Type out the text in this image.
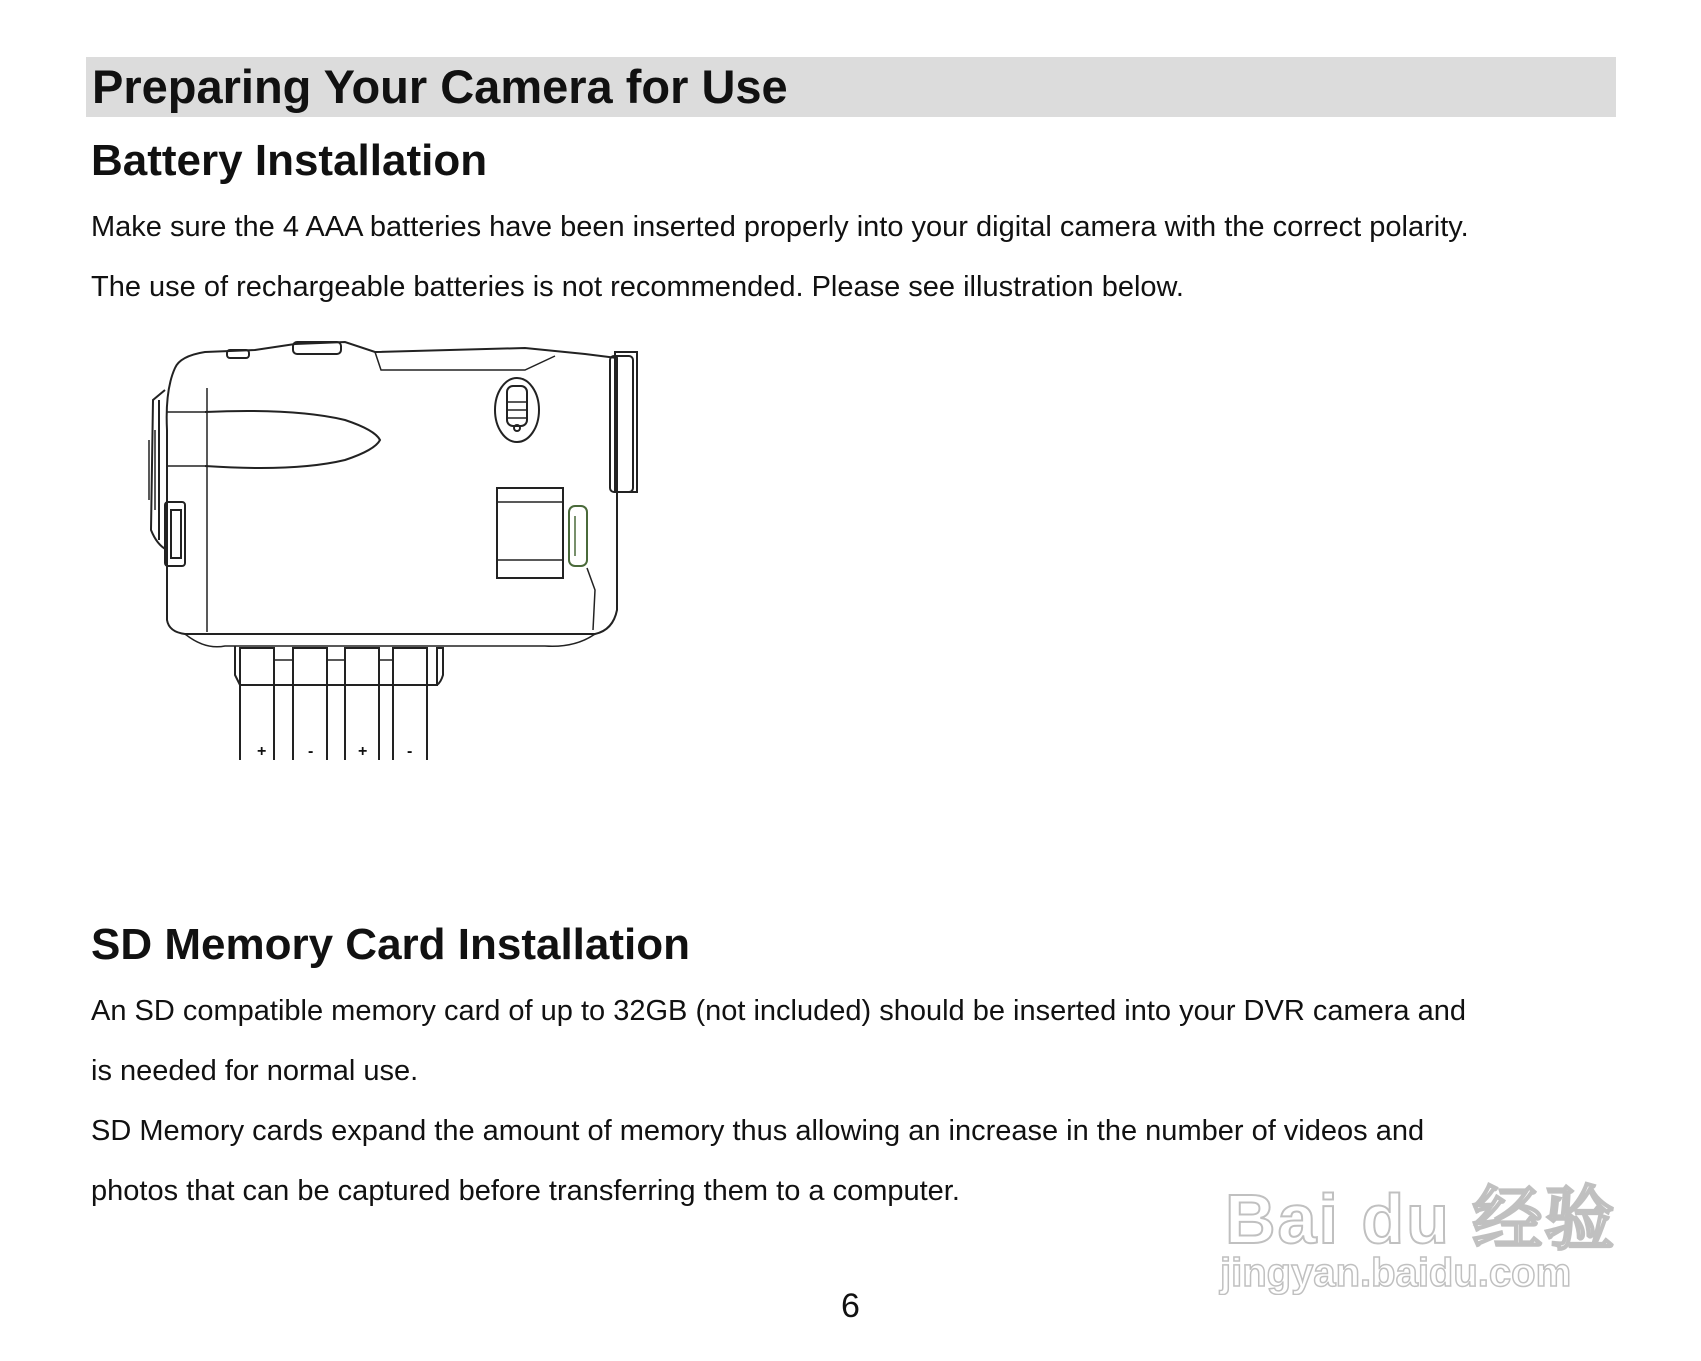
Preparing Your Camera for Use
Battery Installation

Make sure the 4 AAA batteries have been inserted properly into your digital camera with the correct polarity.

The use of rechargeable batteries is not recommended. Please see illustration below.

+	-	+ -
SD Memory Card Installation

An SD compatible memory card of up to 32GB (not included) should be inserted into your DVR camera and

is needed for normal use.

SD Memory cards expand the amount of memory thus allowing an increase in the number of videos and

photos that can be captured before transferring them to a computer.

6
Bai du 经验
jingyan.baidu.com
